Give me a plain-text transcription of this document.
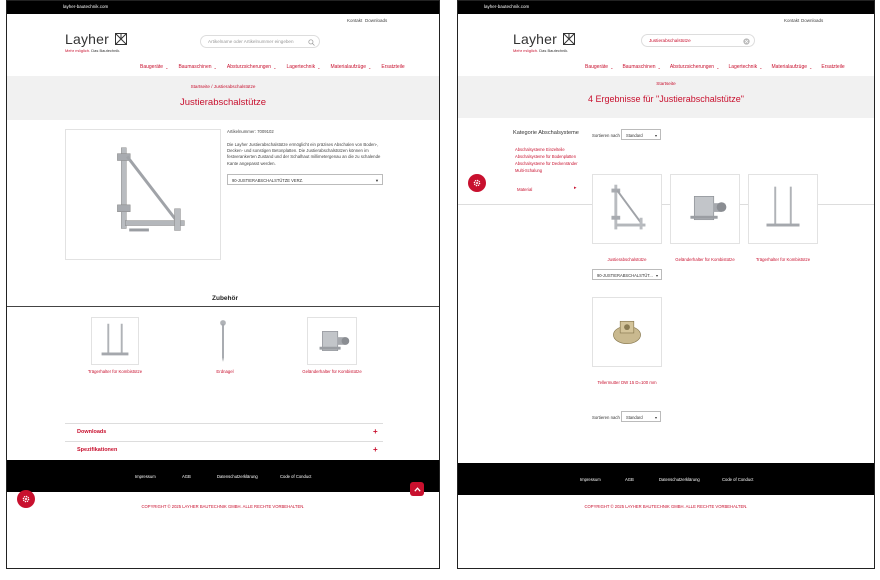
layher-bautechnik.com
Kontakt Downloads
Layher
Mehr möglich. Das Bautechnik.
Artikelname oder Artikelnummer eingeben
Baugeräte ⌄ Baumaschinen ⌄ Absturzsicherungen ⌄ Lagertechnik ⌄ Materialaufzüge ⌄ Ersatzteile
Startseite / Justierabschalstütze
Justierabschalstütze
Artikelnummer: 7009102
Die Layher Justierabschalstütze ermöglicht ein präzises Abschalen von Boden-, Decken- und sonstigen Betonplatten. Die Justierabschalstützen können im festverankerten Zustand und der Schalhaut millimetergenau an die zu schalende Kante angepasst werden.
90-JUSTIERABSCHALSTÜTZE VERZ.	▼
Zubehör
Trägerhalter für Kombistütze	Erdnagel	Geländerhalter für Kombistütze
Downloads	+
Spezifikationen	+
Impressum	AGB	Datenschutzerklärung	Code of Conduct
COPYRIGHT © 2025 LAYHER BAUTECHNIK GMBH. ALLE RECHTE VORBEHALTEN.
layher-bautechnik.com
Kontakt Downloads
Layher
Mehr möglich. Das Bautechnik.
Justierabschalstütze
Baugeräte ⌄ Baumaschinen ⌄ Absturzsicherungen ⌄ Lagertechnik ⌄ Materialaufzüge ⌄ Ersatzteile
Startseite
4 Ergebnisse für "Justierabschalstütze"
Kategorie Abschalsysteme
Abschalsysteme Einzelteile
Abschalsysteme für Bodenplatten
Abschalsysteme für Deckenränder
Multi-Schalung
Material	▸
Sortieren nach Standard	▾
Justierabschalstütze	Geländerhalter für Kombistütze	Trägerhalter für Kombistütze
90-JUSTIERABSCHALSTÜT... ▾
Tellermutter DW 15 D=100 mm
Sortieren nach Standard	▾
Impressum	AGB	Datenschutzerklärung	Code of Conduct
COPYRIGHT © 2025 LAYHER BAUTECHNIK GMBH. ALLE RECHTE VORBEHALTEN.
